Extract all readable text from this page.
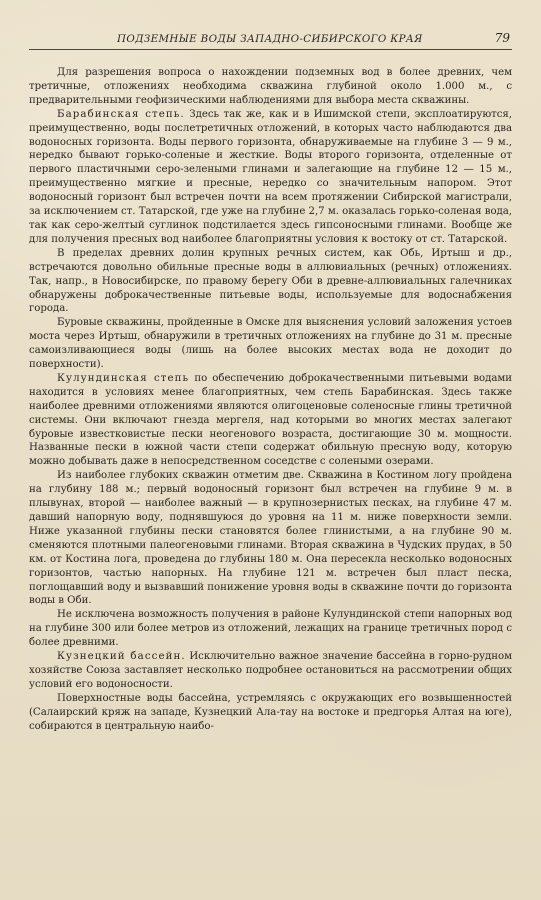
ПОДЗЕМНЫЕ ВОДЫ ЗАПАДНО-СИБИРСКОГО КРАЯ	79

Для разрешения вопроса о нахождении подземных вод в более древних, чем третичные, отложениях необходима скважина глубиной около 1.000 м., с предварительными геофизическими наблюдениями для выбора места скважины.

Барабинская степь. Здесь так же, как и в Ишимской степи, эксплоатируются, преимущественно, воды послетретичных отложений, в которых часто наблюдаются два водоносных горизонта. Воды первого горизонта, обнаруживаемые на глубине 3 — 9 м., нередко бывают горько-соленые и жесткие. Воды второго горизонта, отделенные от первого пластичными серо-зелеными глинами и залегающие на глубине 12 — 15 м., преимущественно мягкие и пресные, нередко со значительным напором. Этот водоносный горизонт был встречен почти на всем протяжении Сибирской магистрали, за исключением ст. Татарской, где уже на глубине 2,7 м. оказалась горько-соленая вода, так как серо-желтый суглинок подстилается здесь гипсоносными глинами. Вообще же для получения пресных вод наиболее благоприятны условия к востоку от ст. Татарской.

В пределах древних долин крупных речных систем, как Обь, Иртыш и др., встречаются довольно обильные пресные воды в аллювиальных (речных) отложениях. Так, напр., в Новосибирске, по правому берегу Оби в древне-аллювиальных галечниках обнаружены доброкачественные питьевые воды, используемые для водоснабжения города.

Буровые скважины, пройденные в Омске для выяснения условий заложения устоев моста через Иртыш, обнаружили в третичных отложениях на глубине до 31 м. пресные самоизливающиеся воды (лишь на более высоких местах вода не доходит до поверхности).

Кулундинская степь по обеспечению доброкачественными питьевыми водами находится в условиях менее благоприятных, чем степь Барабинская. Здесь также наиболее древними отложениями являются олигоценовые соленосные глины третичной системы. Они включают гнезда мергеля, над которыми во многих местах залегают буровые известковистые пески неогенового возраста, достигающие 30 м. мощности. Названные пески в южной части степи содержат обильную пресную воду, которую можно добывать даже в непосредственном соседстве с солеными озерами.

Из наиболее глубоких скважин отметим две. Скважина в Костином логу пройдена на глубину 188 м.; первый водоносный горизонт был встречен на глубине 9 м. в плывунах, второй — наиболее важный — в крупнозернистых песках, на глубине 47 м. давший напорную воду, поднявшуюся до уровня на 11 м. ниже поверхности земли. Ниже указанной глубины пески становятся более глинистыми, а на глубине 90 м. сменяются плотными палеогеновыми глинами. Вторая скважина в Чудских прудах, в 50 км. от Костина лога, проведена до глубины 180 м. Она пересекла несколько водоносных горизонтов, частью напорных. На глубине 121 м. встречен был пласт песка, поглощавший воду и вызвавший понижение уровня воды в скважине почти до горизонта воды в Оби.

Не исключена возможность получения в районе Кулундинской степи напорных вод на глубине 300 или более метров из отложений, лежащих на границе третичных пород с более древними.

Кузнецкий бассейн. Исключительно важное значение бассейна в горно-рудном хозяйстве Союза заставляет несколько подробнее остановиться на рассмотрении общих условий его водоносности.

Поверхностные воды бассейна, устремляясь с окружающих его возвышенностей (Салаирский кряж на западе, Кузнецкий Ала-тау на востоке и предгорья Алтая на юге), собираются в центральную наибо-
